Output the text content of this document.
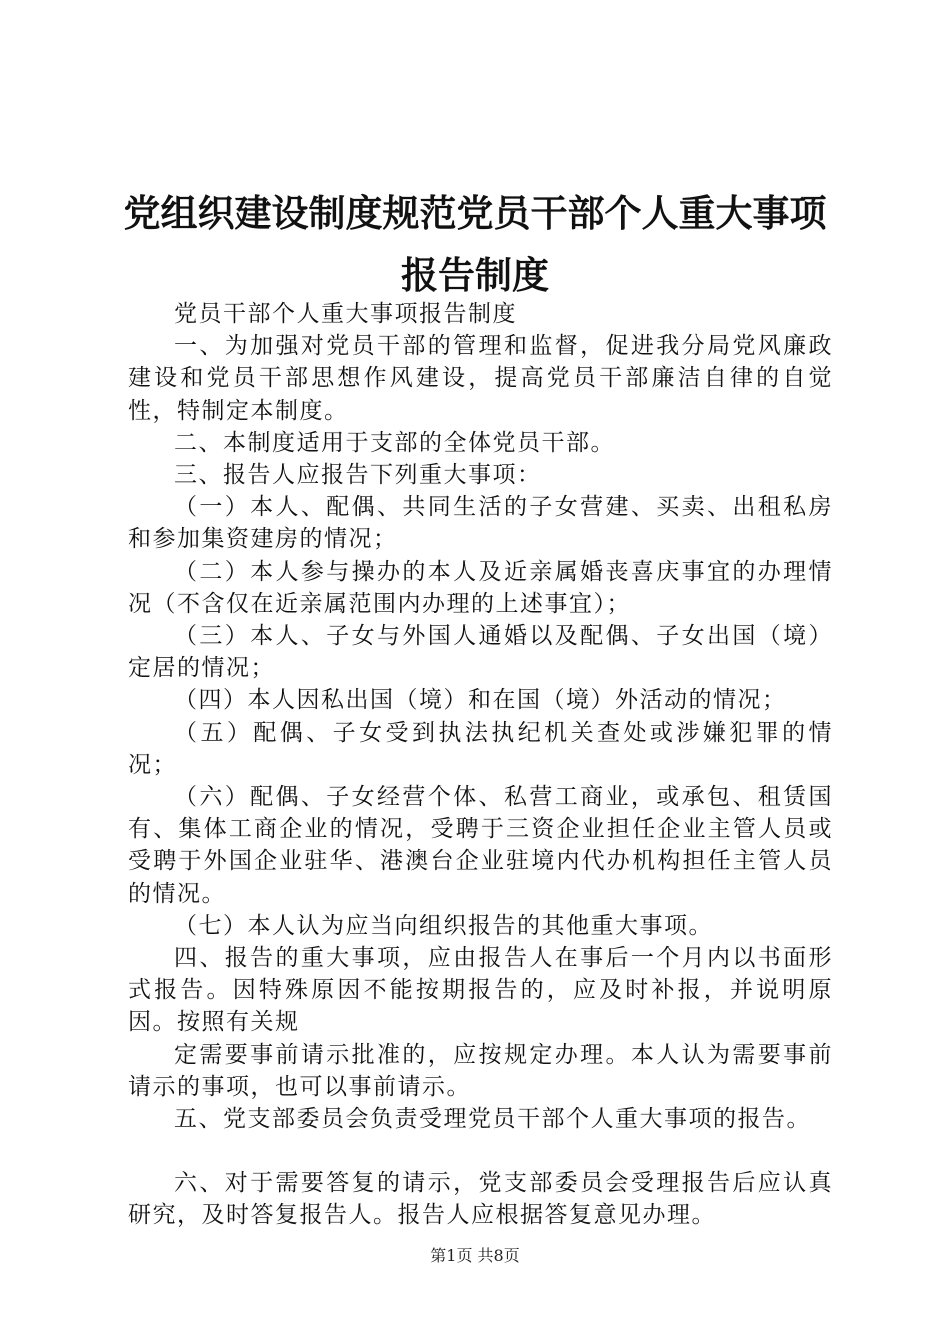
党组织建设制度规范党员干部个人重大事项报告制度

党员干部个人重大事项报告制度

一、为加强对党员干部的管理和监督，促进我分局党风廉政建设和党员干部思想作风建设，提高党员干部廉洁自律的自觉性，特制定本制度。

二、本制度适用于支部的全体党员干部。

三、报告人应报告下列重大事项：

（一）本人、配偶、共同生活的子女营建、买卖、出租私房和参加集资建房的情况；

（二）本人参与操办的本人及近亲属婚丧喜庆事宜的办理情况（不含仅在近亲属范围内办理的上述事宜）；

（三）本人、子女与外国人通婚以及配偶、子女出国（境）定居的情况；

（四）本人因私出国（境）和在国（境）外活动的情况；

（五）配偶、子女受到执法执纪机关查处或涉嫌犯罪的情况；

（六）配偶、子女经营个体、私营工商业，或承包、租赁国有、集体工商企业的情况，受聘于三资企业担任企业主管人员或受聘于外国企业驻华、港澳台企业驻境内代办机构担任主管人员的情况。

（七）本人认为应当向组织报告的其他重大事项。

四、报告的重大事项，应由报告人在事后一个月内以书面形式报告。因特殊原因不能按期报告的，应及时补报，并说明原因。按照有关规

定需要事前请示批准的，应按规定办理。本人认为需要事前请示的事项，也可以事前请示。

五、党支部委员会负责受理党员干部个人重大事项的报告。

六、对于需要答复的请示，党支部委员会受理报告后应认真研究，及时答复报告人。报告人应根据答复意见办理。

第1页 共8页
